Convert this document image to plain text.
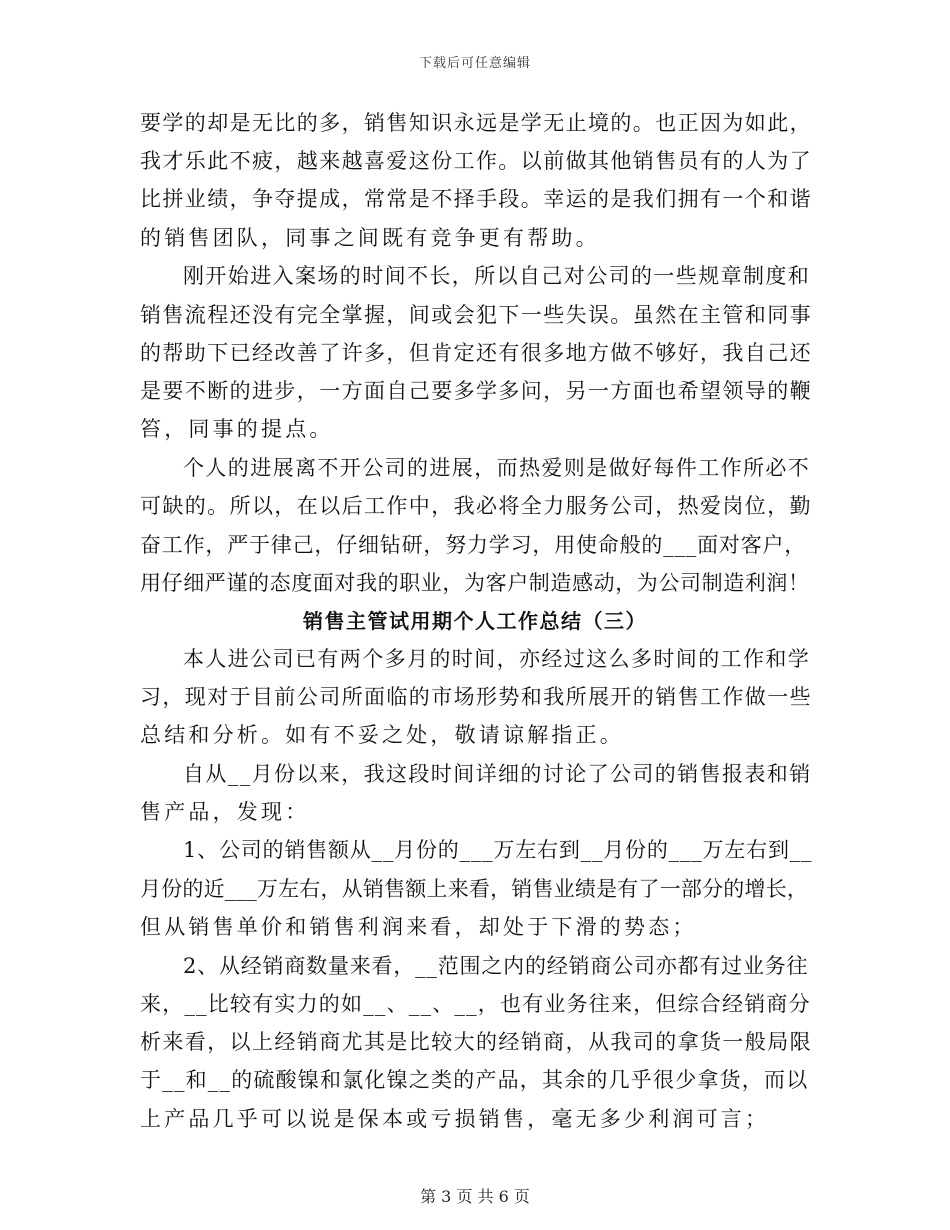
下载后可任意编辑
要学的却是无比的多，销售知识永远是学无止境的。也正因为如此，
我才乐此不疲，越来越喜爱这份工作。以前做其他销售员有的人为了
比拼业绩，争夺提成，常常是不择手段。幸运的是我们拥有一个和谐
的销售团队，同事之间既有竞争更有帮助。
刚开始进入案场的时间不长，所以自己对公司的一些规章制度和
销售流程还没有完全掌握，间或会犯下一些失误。虽然在主管和同事
的帮助下已经改善了许多，但肯定还有很多地方做不够好，我自己还
是要不断的进步，一方面自己要多学多问，另一方面也希望领导的鞭
笞，同事的提点。
个人的进展离不开公司的进展，而热爱则是做好每件工作所必不
可缺的。所以，在以后工作中，我必将全力服务公司，热爱岗位，勤
奋工作，严于律己，仔细钻研，努力学习，用使命般的___面对客户，
用仔细严谨的态度面对我的职业，为客户制造感动，为公司制造利润！
销售主管试用期个人工作总结（三）
本人进公司已有两个多月的时间，亦经过这么多时间的工作和学
习，现对于目前公司所面临的市场形势和我所展开的销售工作做一些
总结和分析。如有不妥之处，敬请谅解指正。
自从__月份以来，我这段时间详细的讨论了公司的销售报表和销
售产品，发现：
1、公司的销售额从__月份的___万左右到__月份的___万左右到__
月份的近___万左右，从销售额上来看，销售业绩是有了一部分的增长，
但从销售单价和销售利润来看，却处于下滑的势态；
2、从经销商数量来看，__范围之内的经销商公司亦都有过业务往
来，__比较有实力的如__、__、__，也有业务往来，但综合经销商分
析来看，以上经销商尤其是比较大的经销商，从我司的拿货一般局限
于__和__的硫酸镍和氯化镍之类的产品，其余的几乎很少拿货，而以
上产品几乎可以说是保本或亏损销售，毫无多少利润可言；
第 3 页 共 6 页
